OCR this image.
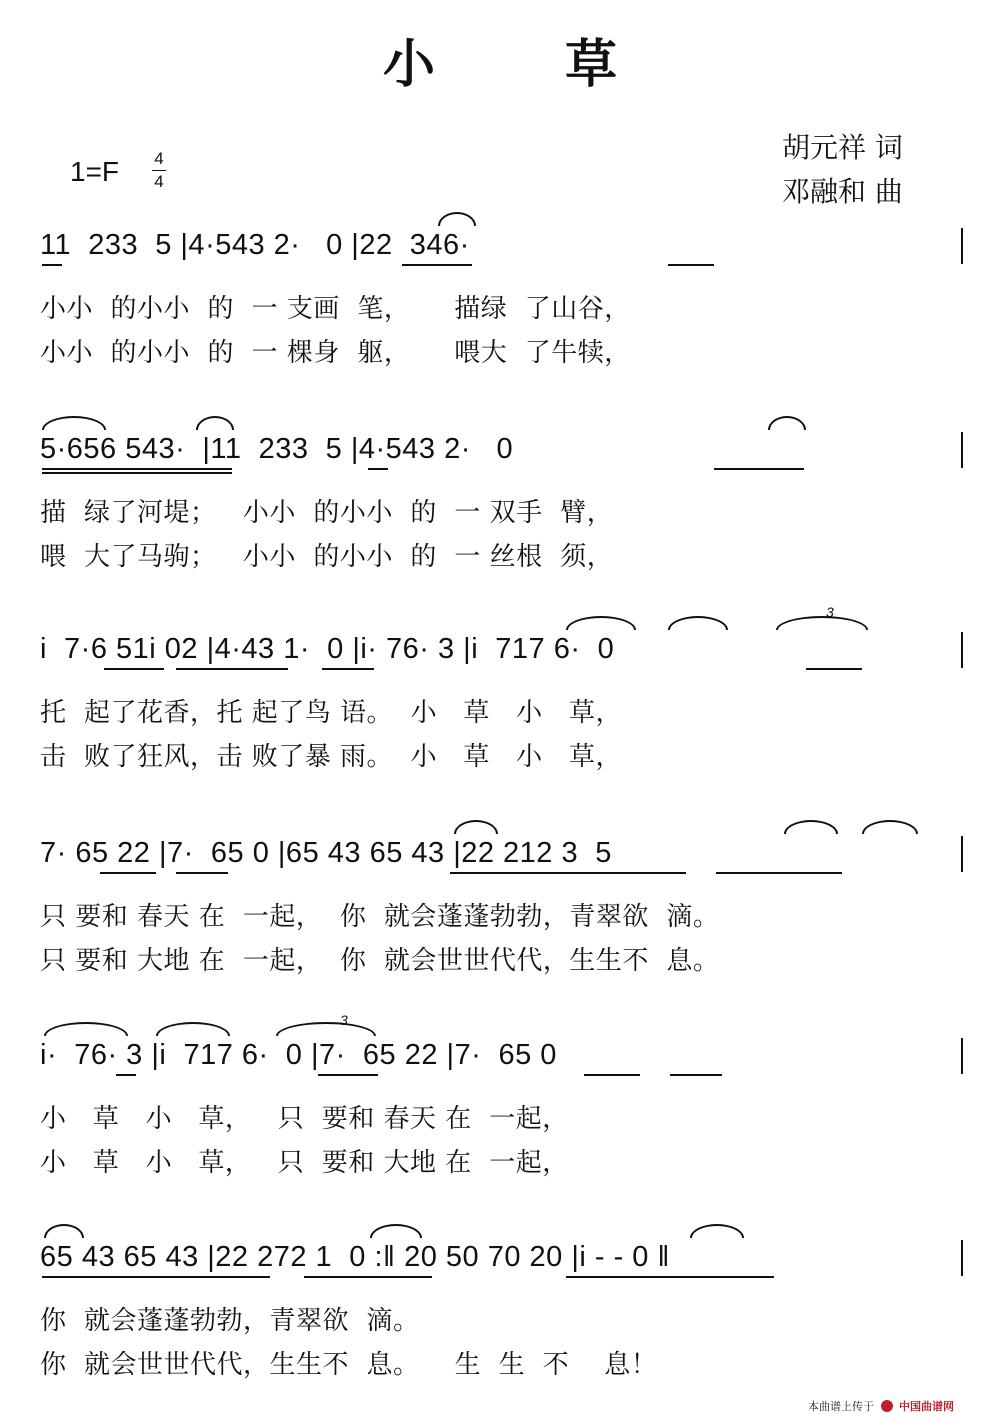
小 草
1=F 4
4
胡元祥 词
邓融和 曲
11  233  5 |4·543 2·   0 |22  346·
小小  的小小  的  一 支画  笔，     描绿  了山谷，
小小  的小小  的  一 棵身  躯，     喂大  了牛犊，
5·656 543·  |11  233  5 |4·543 2·   0
描  绿了河堤；   小小  的小小  的  一 双手  臂，
喂  大了马驹；   小小  的小小  的  一 丝根  须，
i  7·6 51i 02 |4·43 1·  0 |i· 76· 3 |i  717 6·  0
3
托  起了花香，托 起了鸟 语。  小   草   小   草，
击  败了狂风，击 败了暴 雨。  小   草   小   草，
7· 65 22 |7·  65 0 |65 43 65 43 |22 212 3  5
只 要和 春天 在  一起，  你  就会蓬蓬勃勃，青翠欲  滴。
只 要和 大地 在  一起，  你  就会世世代代，生生不  息。
i·  76· 3 |i  717 6·  0 |7·  65 22 |7·  65 0
3
小   草   小   草，   只  要和 春天 在  一起，
小   草   小   草，   只  要和 大地 在  一起，
65 43 65 43 |22 272 1  0 :‖ 20 50 70 20 |i - - 0 ‖
你  就会蓬蓬勃勃，青翠欲  滴。
你  就会世世代代，生生不  息。    生  生  不    息！
本曲谱上传于 中国曲谱网
